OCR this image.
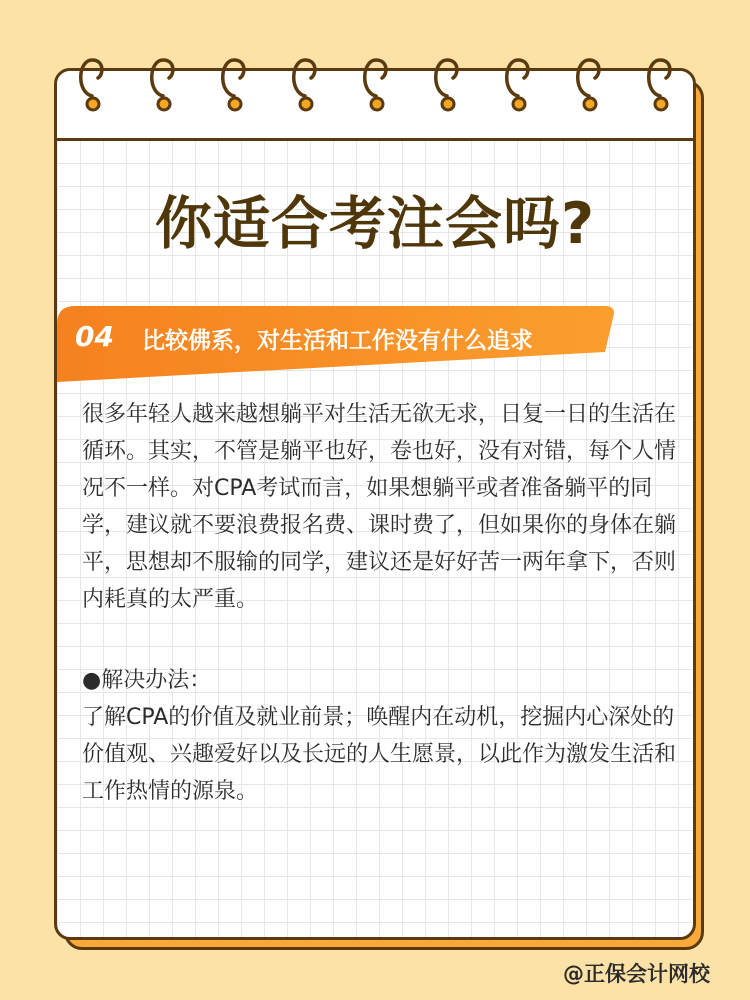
你适合考注会吗?
04 比较佛系，对生活和工作没有什么追求

很多年轻人越来越想躺平对生活无欲无求，日复一日的生活在循环。其实，不管是躺平也好，卷也好，没有对错，每个人情况不一样。对CPA考试而言，如果想躺平或者准备躺平的同学，建议就不要浪费报名费、课时费了，但如果你的身体在躺平，思想却不服输的同学，建议还是好好苦一两年拿下，否则内耗真的太严重。

●解决办法：
了解CPA的价值及就业前景；唤醒内在动机，挖掘内心深处的价值观、兴趣爱好以及长远的人生愿景，以此作为激发生活和工作热情的源泉。
@正保会计网校
